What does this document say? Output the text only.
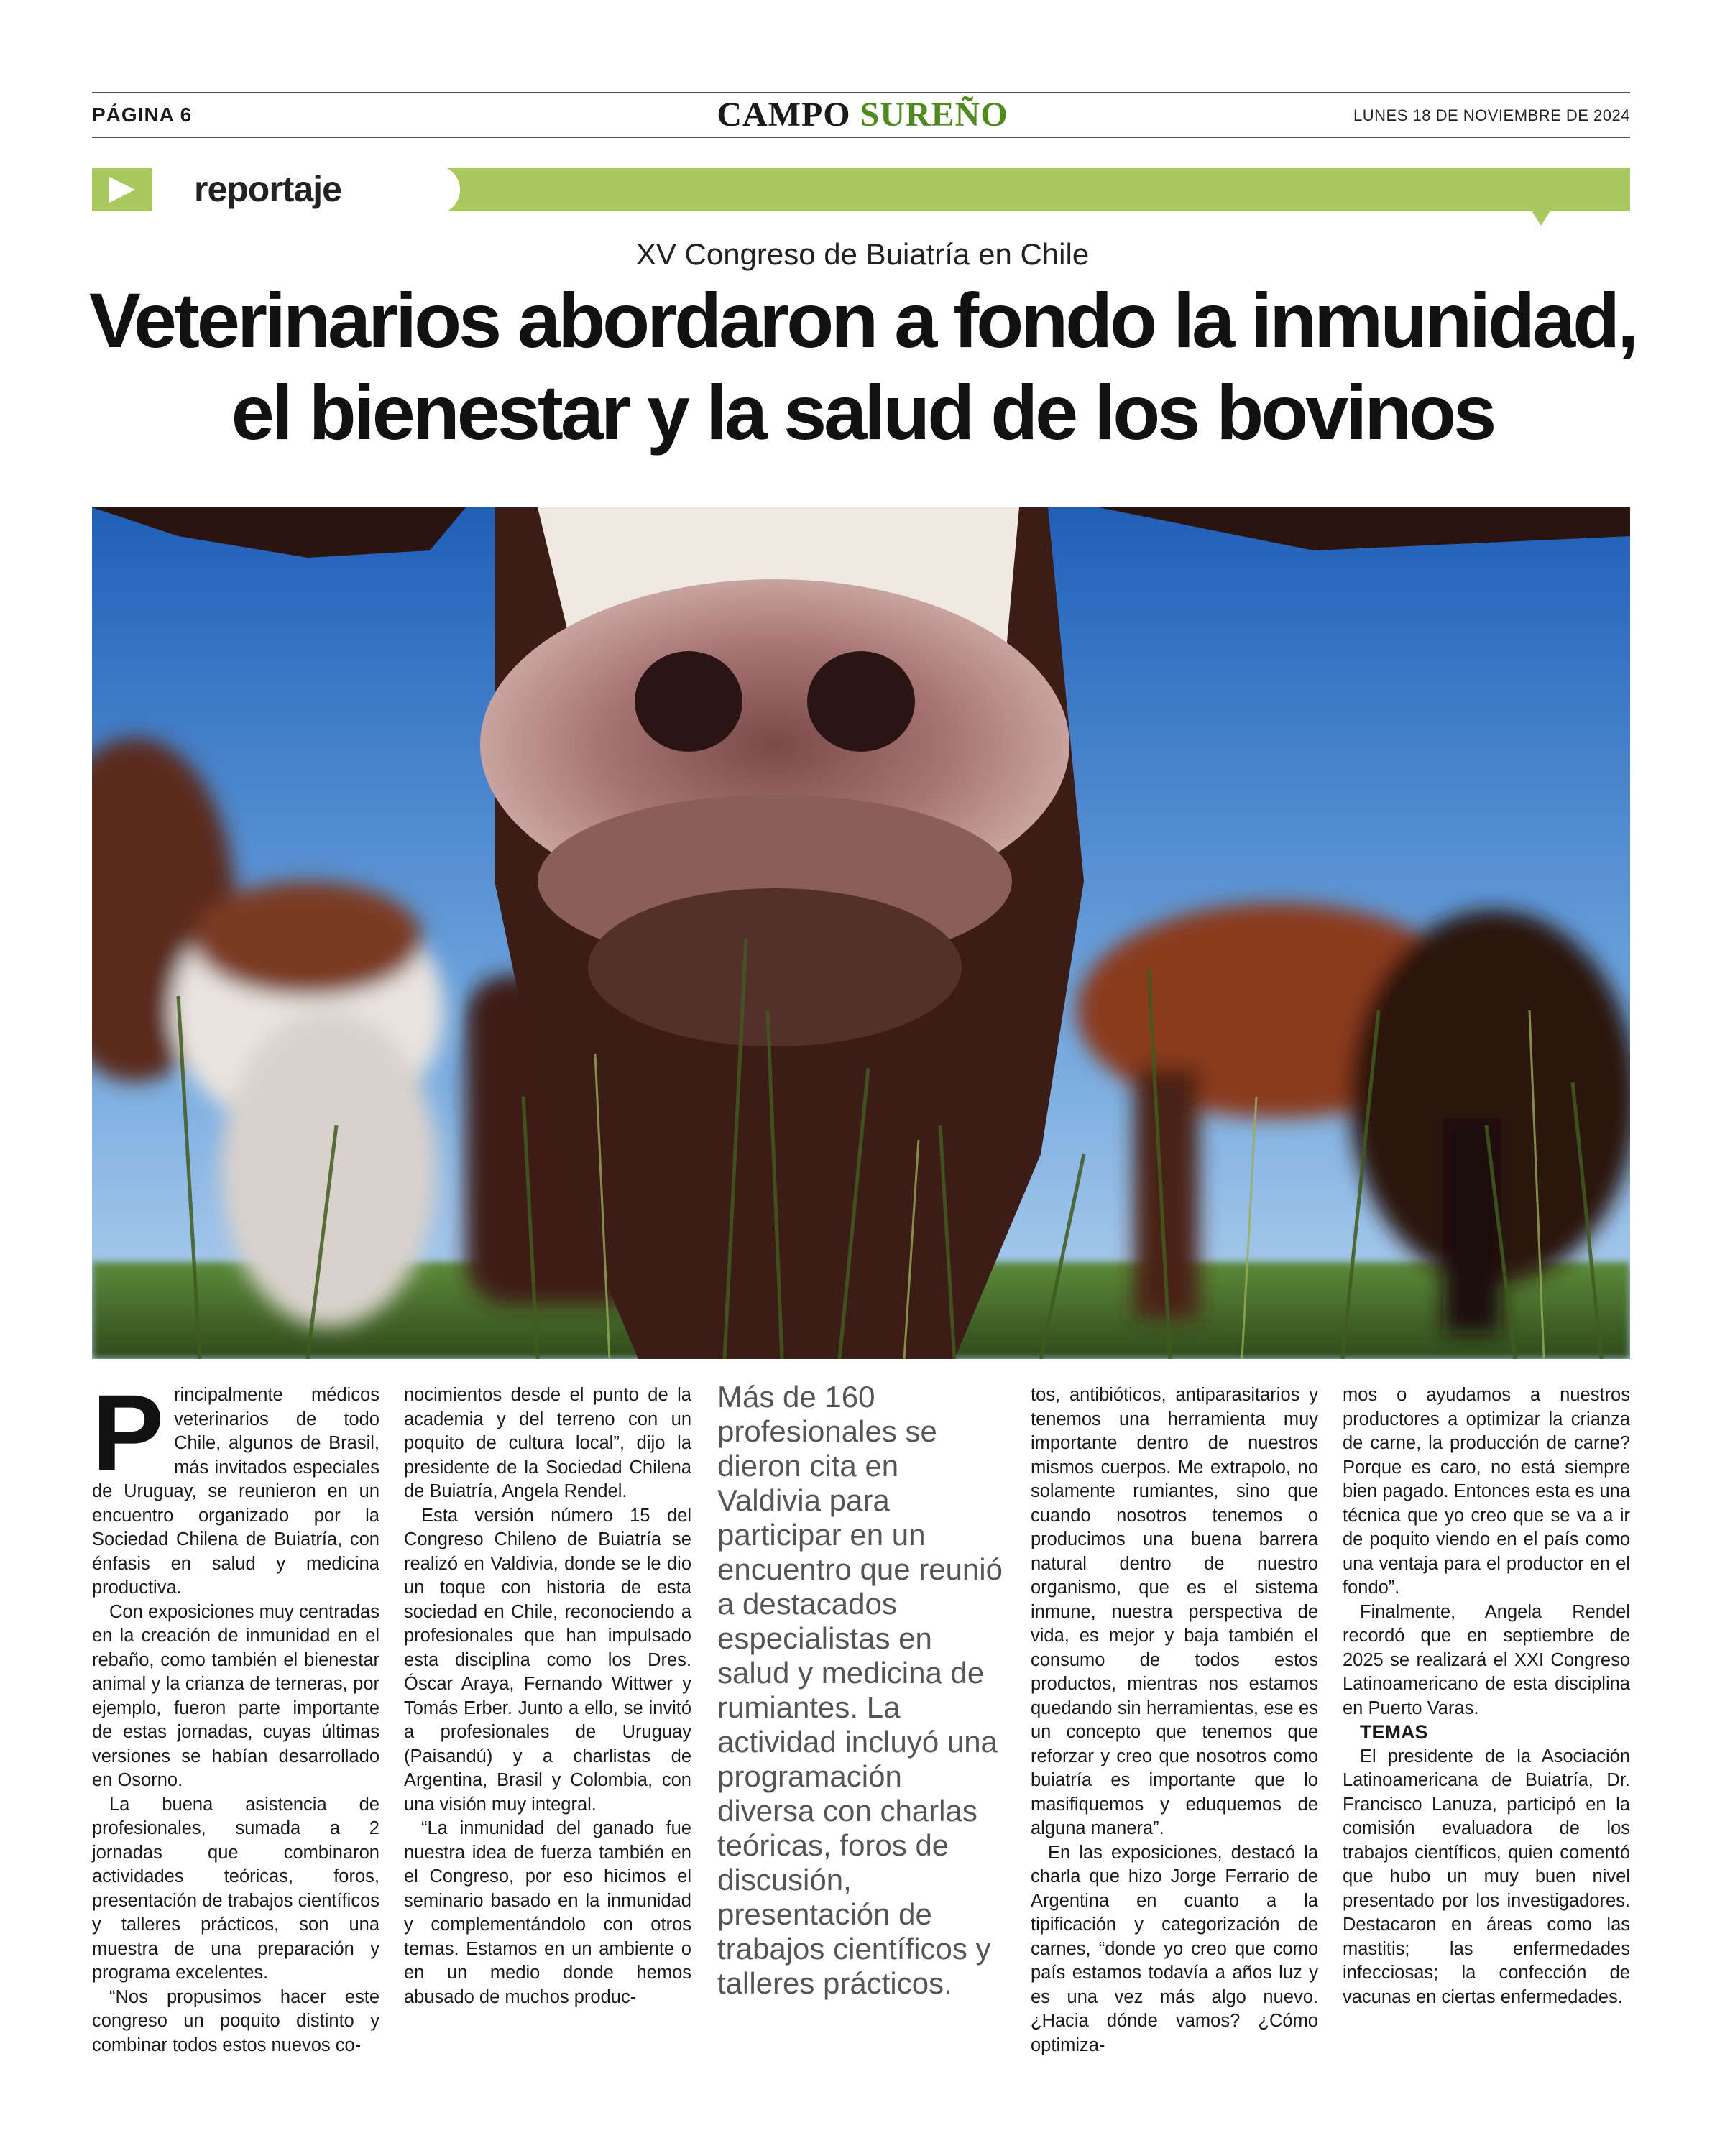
PÁGINA 6	CAMPO SUREÑO	LUNES 18 DE NOVIEMBRE DE 2024
reportaje
XV Congreso de Buiatría en Chile
Veterinarios abordaron a fondo la inmunidad,
el bienestar y la salud de los bovinos

Principalmente médicos veterinarios de todo Chile, algunos de Brasil, más invitados especiales de Uruguay, se reunieron en un encuentro organizado por la Sociedad Chilena de Buiatría, con énfasis en salud y medicina productiva.

Con exposiciones muy centradas en la creación de inmunidad en el rebaño, como también el bienestar animal y la crianza de terneras, por ejemplo, fueron parte importante de estas jornadas, cuyas últimas versiones se habían desarrollado en Osorno.

La buena asistencia de profesionales, sumada a 2 jornadas que combinaron actividades teóricas, foros, presentación de trabajos científicos y talleres prácticos, son una muestra de una preparación y programa excelentes.

“Nos propusimos hacer este congreso un poquito distinto y combinar todos estos nuevos co-

nocimientos desde el punto de la academia y del terreno con un poquito de cultura local”, dijo la presidente de la Sociedad Chilena de Buiatría, Angela Rendel.

Esta versión número 15 del Congreso Chileno de Buiatría se realizó en Valdivia, donde se le dio un toque con historia de esta sociedad en Chile, reconociendo a profesionales que han impulsado esta disciplina como los Dres. Óscar Araya, Fernando Wittwer y Tomás Erber. Junto a ello, se invitó a profesionales de Uruguay (Paisandú) y a charlistas de Argentina, Brasil y Colombia, con una visión muy integral.

“La inmunidad del ganado fue nuestra idea de fuerza también en el Congreso, por eso hicimos el seminario basado en la inmunidad y complementándolo con otros temas. Estamos en un ambiente o en un medio donde hemos abusado de muchos produc-

Más de 160 profesionales se dieron cita en Valdivia para participar en un encuentro que reunió a destacados especialistas en salud y medicina de rumiantes. La actividad incluyó una programación diversa con charlas teóricas, foros de discusión, presentación de trabajos científicos y talleres prácticos.

tos, antibióticos, antiparasitarios y tenemos una herramienta muy importante dentro de nuestros mismos cuerpos. Me extrapolo, no solamente rumiantes, sino que cuando nosotros tenemos o producimos una buena barrera natural dentro de nuestro organismo, que es el sistema inmune, nuestra perspectiva de vida, es mejor y baja también el consumo de todos estos productos, mientras nos estamos quedando sin herramientas, ese es un concepto que tenemos que reforzar y creo que nosotros como buiatría es importante que lo masifiquemos y eduquemos de alguna manera”.

En las exposiciones, destacó la charla que hizo Jorge Ferrario de Argentina en cuanto a la tipificación y categorización de carnes, “donde yo creo que como país estamos todavía a años luz y es una vez más algo nuevo. ¿Hacia dónde vamos? ¿Cómo optimiza-

mos o ayudamos a nuestros productores a optimizar la crianza de carne, la producción de carne? Porque es caro, no está siempre bien pagado. Entonces esta es una técnica que yo creo que se va a ir de poquito viendo en el país como una ventaja para el productor en el fondo”.

Finalmente, Angela Rendel recordó que en septiembre de 2025 se realizará el XXI Congreso Latinoamericano de esta disciplina en Puerto Varas.

TEMAS

El presidente de la Asociación Latinoamericana de Buiatría, Dr. Francisco Lanuza, participó en la comisión evaluadora de los trabajos científicos, quien comentó que hubo un muy buen nivel presentado por los investigadores. Destacaron en áreas como las mastitis; las enfermedades infecciosas; la confección de vacunas en ciertas enfermedades.
